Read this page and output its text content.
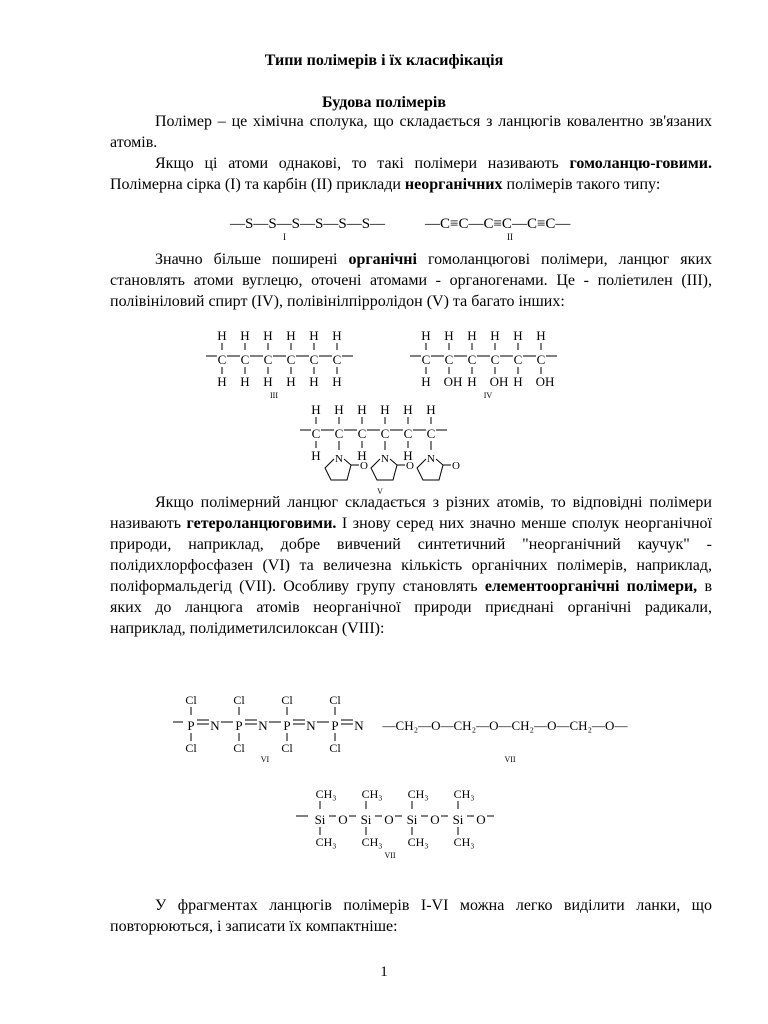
Типи полімерів і їх класифікація
Будова полімерів

Полімер – це хімічна сполука, що складається з ланцюгів ковалентно зв'язаних атомів.

Якщо ці атоми однакові, то такі полімери називають гомоланцю-говими. Полімерна сірка (I) та карбін (II) приклади неорганічних полімерів такого типу:

—S—S—S—S—S—S—
I
—C≡C—C≡C—C≡C—
II

Значно більше поширені органічні гомоланцюгові полімери, ланцюг яких становлять атоми вуглецю, оточені атомами - органогенами. Це - поліетилен (III), полівініловий спирт (IV), полівінілпірролідон (V) та багато інших:

H
C
H
H
C
H
H
C
H
H
C
H
H
C
H
H
C
H
H
C
H
H
C
OH
H
C
H
H
C
OH
H
C
H
H
C
OH
III	IV
H
C
H
H
C
N
O
H
C
H
H
C
N
O
H
C
H
H
C
N
O
V

Якщо полімерний ланцюг складається з різних атомів, то відповідні полімери називають гетероланцюговими. І знову серед них значно менше сполук неорганічної природи, наприклад, добре вивчений синтетичний "неорганічний каучук" - полідихлорфосфазен (VI) та величезна кількість органічних полімерів, наприклад, поліформальдегід (VII). Особливу групу становлять елементоорганічні полімери, в яких до ланцюга атомів неорганічної природи приєднані органічні радикали, наприклад, полідиметилсилоксан (VIII):

Cl
P
Cl
N
Cl
P
Cl
N
Cl
P
Cl
N
Cl
P
Cl
N
VI
—CH₂—O—CH₂—O—CH₂—O—CH₂—O—
VII
CH₃
Si
CH₃
O
CH₃
Si
CH₃
O
CH₃
Si
CH₃
O
CH₃
Si
CH₃
O
VII

У фрагментах ланцюгів полімерів I-VI можна легко виділити ланки, що повторюються, і записати їх компактніше:

1
